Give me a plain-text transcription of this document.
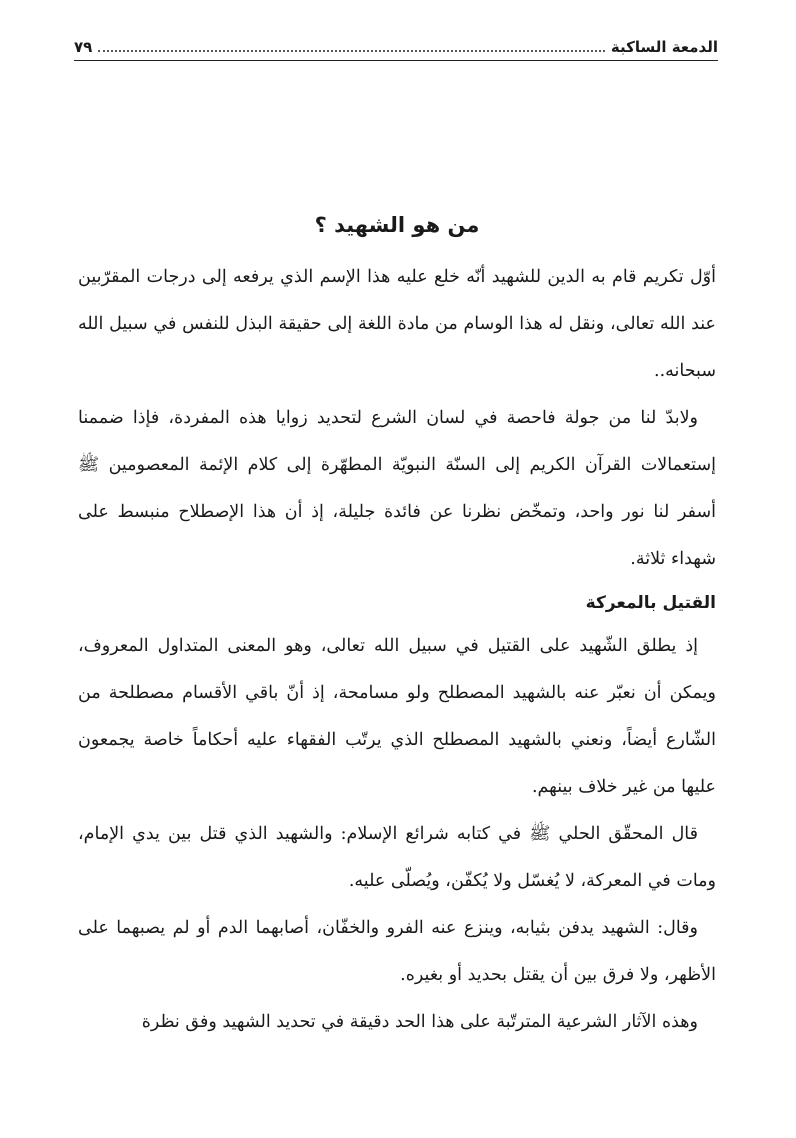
الدمعة الساكبة
٧٩
من هو الشهيد ؟

أوّل تكريم قام به الدين للشهيد أنّه خلع عليه هذا الإسم الذي يرفعه إلى درجات المقرّبين عند الله تعالى، ونقل له هذا الوسام من مادة اللغة إلى حقيقة البذل للنفس في سبيل الله سبحانه..

ولابدّ لنا من جولة فاحصة في لسان الشرع لتحديد زوايا هذه المفردة، فإذا ضممنا إستعمالات القرآن الكريم إلى السنّة النبويّة المطهّرة إلى كلام الإئمة المعصومين ﷺ أسفر لنا نور واحد، وتمخّض نظرنا عن فائدة جليلة، إذ أن هذا الإصطلاح منبسط على شهداء ثلاثة.

القتيل بالمعركة

إذ يطلق الشّهيد على القتيل في سبيل الله تعالى، وهو المعنى المتداول المعروف، ويمكن أن نعبّر عنه بالشهيد المصطلح ولو مسامحة، إذ أنّ باقي الأقسام مصطلحة من الشّارع أيضاً، ونعني بالشهيد المصطلح الذي يرتّب الفقهاء عليه أحكاماً خاصة يجمعون عليها من غير خلاف بينهم.

قال المحقّق الحلي ﷺ في كتابه شرائع الإسلام: والشهيد الذي قتل بين يدي الإمام، ومات في المعركة، لا يُغسّل ولا يُكفّن، ويُصلّى عليه.

وقال: الشهيد يدفن بثيابه، وينزع عنه الفرو والخفّان، أصابهما الدم أو لم يصبهما على الأظهر، ولا فرق بين أن يقتل بحديد أو بغيره.

وهذه الآثار الشرعية المترتّبة على هذا الحد دقيقة في تحديد الشهيد وفق نظرة
